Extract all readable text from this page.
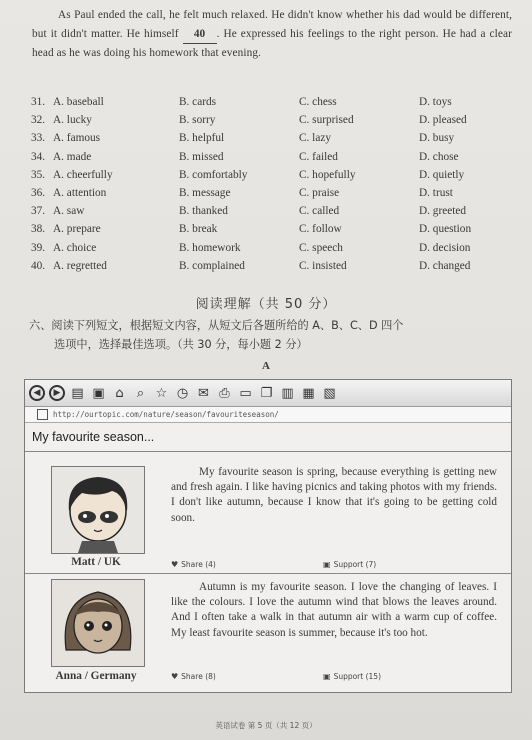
As Paul ended the call, he felt much relaxed. He didn't know whether his dad would be different, but it didn't matter. He himself 40 . He expressed his feelings to the right person. He had a clear head as he was doing his homework that evening.
31. A. baseball	B. cards	C. chess	D. toys
32. A. lucky	B. sorry	C. surprised	D. pleased
33. A. famous	B. helpful	C. lazy	D. busy
34. A. made	B. missed	C. failed	D. chose
35. A. cheerfully	B. comfortably	C. hopefully	D. quietly
36. A. attention	B. message	C. praise	D. trust
37. A. saw	B. thanked	C. called	D. greeted
38. A. prepare	B. break	C. follow	D. question
39. A. choice	B. homework	C. speech	D. decision
40. A. regretted	B. complained	C. insisted	D. changed
阅读理解（共 50 分）
六、阅读下列短文，根据短文内容，从短文后各题所给的 A、B、C、D 四个
选项中，选择最佳选项。（共 30 分，每小题 2 分）
A
◀	▶ ▤ ▣ ⌂	⌕ ☆ ◷ ✉ ⎙ ▭ ❐ ▥ ▦ ▧
http://ourtopic.com/nature/season/favouriteseason/
My favourite season...
Matt / UK
My favourite season is spring, because everything is getting new and fresh again. I like having picnics and taking photos with my friends. I don't like autumn, because I know that it's going to be getting cold soon.
♥ Share (4)	▣ Support (7)
Anna / Germany
Autumn is my favourite season. I love the changing of leaves. I like the colours. I love the autumn wind that blows the leaves around. And I often take a walk in that autumn air with a warm cup of coffee. My least favourite season is summer, because it's too hot.
♥ Share (8)	▣ Support (15)
英语试卷 第 5 页（共 12 页）
